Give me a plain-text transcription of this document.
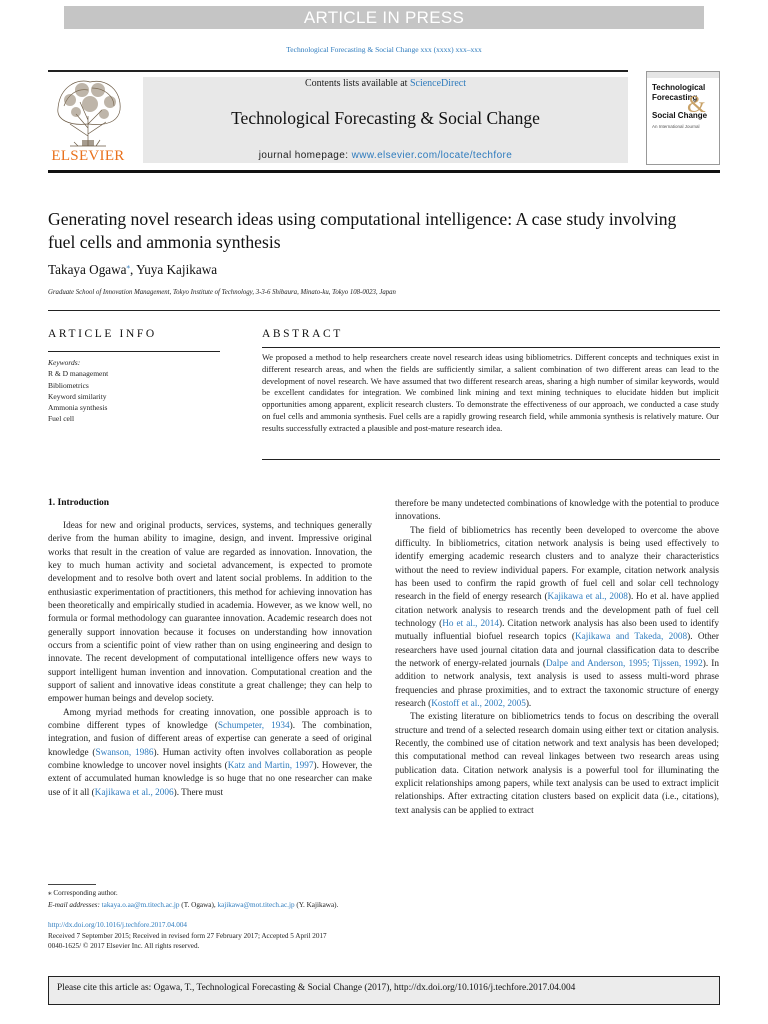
ARTICLE IN PRESS
Technological Forecasting & Social Change xxx (xxxx) xxx–xxx
ELSEVIER
Contents lists available at ScienceDirect
Technological Forecasting & Social Change
journal homepage: www.elsevier.com/locate/techfore
Technological
Forecasting
Social Change
&
An International Journal
Generating novel research ideas using computational intelligence: A case study involving fuel cells and ammonia synthesis
Takaya Ogawa⁎, Yuya Kajikawa
Graduate School of Innovation Management, Tokyo Institute of Technology, 3-3-6 Shibaura, Minato-ku, Tokyo 108-0023, Japan
ARTICLE INFO	ABSTRACT
Keywords:
R & D management
Bibliometrics
Keyword similarity
Ammonia synthesis
Fuel cell
We proposed a method to help researchers create novel research ideas using bibliometrics. Different concepts and techniques exist in different research areas, and when the fields are sufficiently similar, a salient combination of two different areas can lead to the development of novel research. We have assumed that two different research areas, sharing a high number of similar keywords, would be excellent candidates for integration. We combined link mining and text mining techniques to elucidate hidden but implicit opportunities among apparent, explicit research clusters. To demonstrate the effectiveness of our approach, we conducted a case study on fuel cells and ammonia synthesis. Fuel cells are a rapidly growing research field, while ammonia synthesis is relatively mature. Our results successfully extracted a plausible and post-mature research idea.
1. Introduction

Ideas for new and original products, services, systems, and techniques generally derive from the human ability to imagine, design, and invent. Impressive original works that result in the creation of value are regarded as innovation. Innovation, the key to much human activity and societal advancement, is expected to promote development and to resolve both overt and latent social problems. In addition to the enthusiastic experimentation of practitioners, this method for achieving innovation has been theoretically and empirically studied in academia. However, as we know well, no formula or formal methodology can guarantee innovation. Academic research does not generally support innovation because it focuses on understanding how innovation occurs from a scientific point of view rather than on using engineering and design to innovate. The recent development of computational intelligence offers new ways to support intelligent human invention and innovation. Computational creation and the support of salient and innovative ideas constitute a great challenge; they can help to empower human beings and develop society.

Among myriad methods for creating innovation, one possible approach is to combine different types of knowledge (Schumpeter, 1934). The combination, integration, and fusion of different areas of expertise can generate a seed of original knowledge (Swanson, 1986). Human activity often involves collaboration as people combine knowledge to uncover novel insights (Katz and Martin, 1997). However, the extent of accumulated human knowledge is so huge that no one researcher can make use of it all (Kajikawa et al., 2006). There must

therefore be many undetected combinations of knowledge with the potential to produce innovations.

The field of bibliometrics has recently been developed to overcome the above difficulty. In bibliometrics, citation network analysis is being used effectively to identify emerging academic research clusters and to analyze their characteristics without the need to review individual papers. For example, citation network analysis has been used to confirm the rapid growth of fuel cell and solar cell technology research in the field of energy research (Kajikawa et al., 2008). Ho et al. have applied citation network analysis to research trends and the development path of fuel cell technology (Ho et al., 2014). Citation network analysis has also been used to identify mutually influential biofuel research topics (Kajikawa and Takeda, 2008). Other researchers have used journal citation data and journal classification data to describe the network of energy-related journals (Dalpe and Anderson, 1995; Tijssen, 1992). In addition to network analysis, text analysis is used to assess multi-word phrase frequencies and phrase proximities, and to extract the taxonomic structure of energy research (Kostoff et al., 2002, 2005).

The existing literature on bibliometrics tends to focus on describing the overall structure and trend of a selected research domain using either text or citation analysis. Recently, the combined use of citation network and text analysis has been developed; this computational method can reveal linkages between two research areas using publication data. Citation network analysis is a powerful tool for illuminating the explicit relationships among papers, while text analysis can be used to extract implicit relationships. After extracting citation clusters based on explicit data (i.e., citations), text analysis can be applied to extract

⁎ Corresponding author.
E-mail addresses: takaya.o.aa@m.titech.ac.jp (T. Ogawa), kajikawa@mot.titech.ac.jp (Y. Kajikawa).
http://dx.doi.org/10.1016/j.techfore.2017.04.004
Received 7 September 2015; Received in revised form 27 February 2017; Accepted 5 April 2017
0040-1625/ © 2017 Elsevier Inc. All rights reserved.
Please cite this article as: Ogawa, T., Technological Forecasting & Social Change (2017), http://dx.doi.org/10.1016/j.techfore.2017.04.004
